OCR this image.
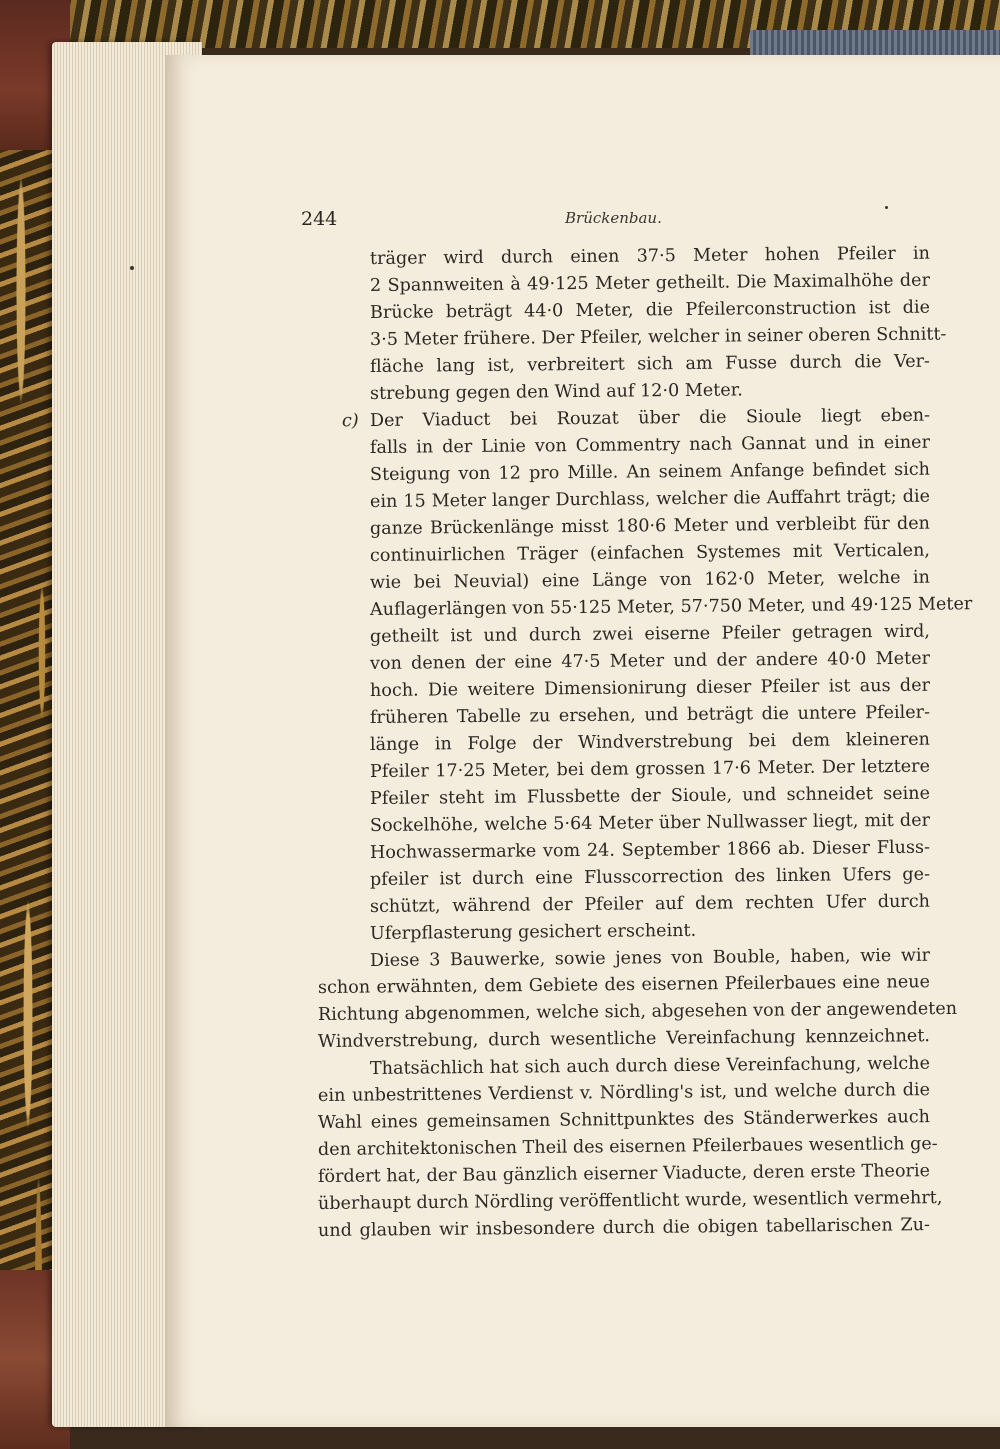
244	Brückenbau.

träger wird durch einen 37·5 Meter hohen Pfeiler in
2 Spannweiten à 49·125 Meter getheilt. Die Maximalhöhe der
Brücke beträgt 44·0 Meter, die Pfeilerconstruction ist die
3·5 Meter frühere. Der Pfeiler, welcher in seiner oberen Schnitt-
fläche lang ist, verbreitert sich am Fusse durch die Ver-
strebung gegen den Wind auf 12·0 Meter.
c) Der Viaduct bei Rouzat über die Sioule liegt eben-
falls in der Linie von Commentry nach Gannat und in einer
Steigung von 12 pro Mille. An seinem Anfange befindet sich
ein 15 Meter langer Durchlass, welcher die Auffahrt trägt; die
ganze Brückenlänge misst 180·6 Meter und verbleibt für den
continuirlichen Träger (einfachen Systemes mit Verticalen,
wie bei Neuvial) eine Länge von 162·0 Meter, welche in
Auflagerlängen von 55·125 Meter, 57·750 Meter, und 49·125 Meter
getheilt ist und durch zwei eiserne Pfeiler getragen wird,
von denen der eine 47·5 Meter und der andere 40·0 Meter
hoch. Die weitere Dimensionirung dieser Pfeiler ist aus der
früheren Tabelle zu ersehen, und beträgt die untere Pfeiler-
länge in Folge der Windverstrebung bei dem kleineren
Pfeiler 17·25 Meter, bei dem grossen 17·6 Meter. Der letztere
Pfeiler steht im Flussbette der Sioule, und schneidet seine
Sockelhöhe, welche 5·64 Meter über Nullwasser liegt, mit der
Hochwassermarke vom 24. September 1866 ab. Dieser Fluss-
pfeiler ist durch eine Flusscorrection des linken Ufers ge-
schützt, während der Pfeiler auf dem rechten Ufer durch
Uferpflasterung gesichert erscheint.
Diese 3 Bauwerke, sowie jenes von Bouble, haben, wie wir
schon erwähnten, dem Gebiete des eisernen Pfeilerbaues eine neue
Richtung abgenommen, welche sich, abgesehen von der angewendeten
Windverstrebung, durch wesentliche Vereinfachung kennzeichnet.
Thatsächlich hat sich auch durch diese Vereinfachung, welche
ein unbestrittenes Verdienst v. Nördling's ist, und welche durch die
Wahl eines gemeinsamen Schnittpunktes des Ständerwerkes auch
den architektonischen Theil des eisernen Pfeilerbaues wesentlich ge-
fördert hat, der Bau gänzlich eiserner Viaducte, deren erste Theorie
überhaupt durch Nördling veröffentlicht wurde, wesentlich vermehrt,
und glauben wir insbesondere durch die obigen tabellarischen Zu-
